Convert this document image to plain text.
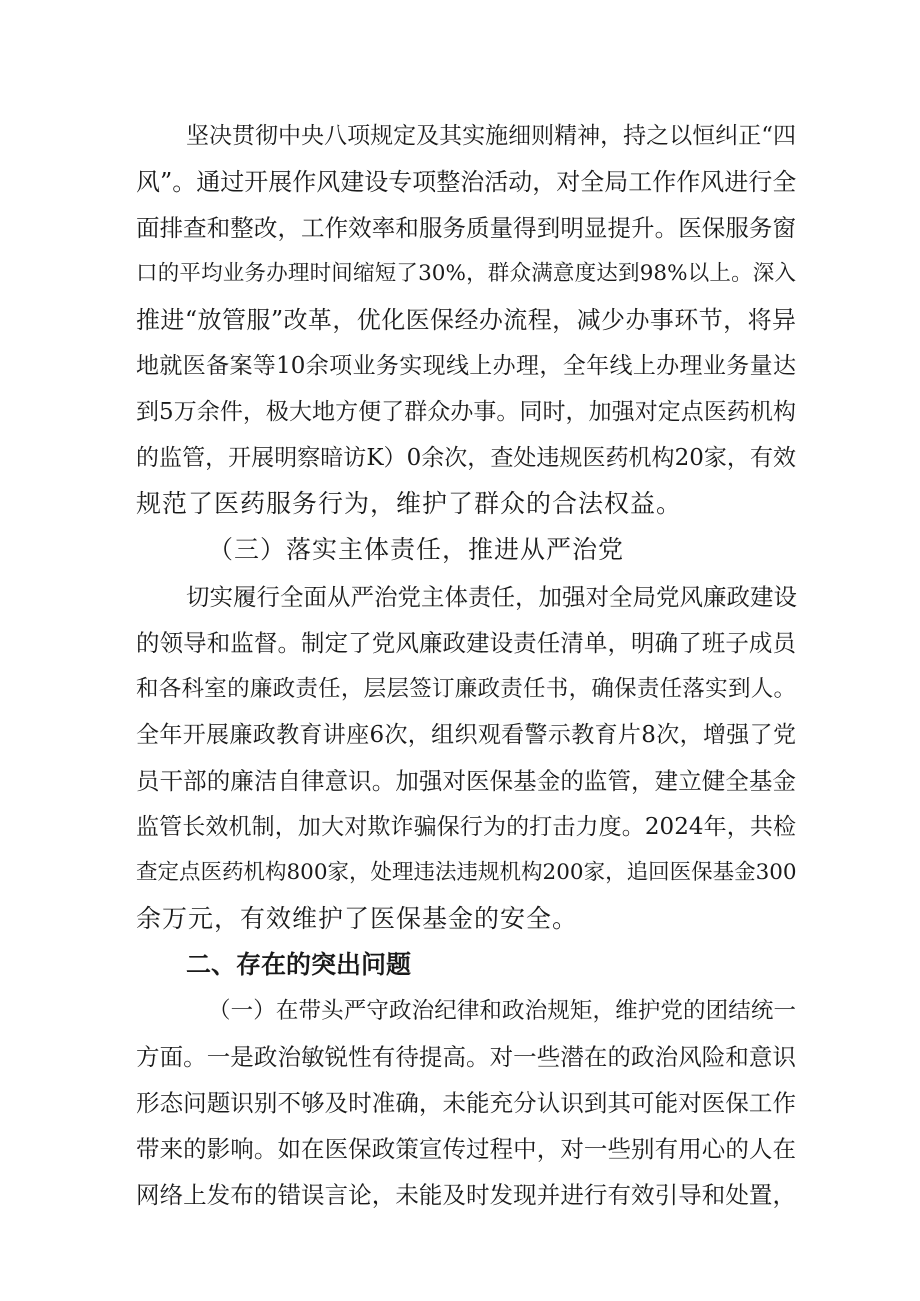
坚决贯彻中央八项规定及其实施细则精神，持之以恒纠正“四
风”。通过开展作风建设专项整治活动，对全局工作作风进行全
面排查和整改，工作效率和服务质量得到明显提升。医保服务窗
口的平均业务办理时间缩短了30%，群众满意度达到98%以上。深入
推进“放管服”改革，优化医保经办流程，减少办事环节，将异
地就医备案等10余项业务实现线上办理，全年线上办理业务量达
到5万余件，极大地方便了群众办事。同时，加强对定点医药机构
的监管，开展明察暗访K）0余次，查处违规医药机构20家，有效
规范了医药服务行为，维护了群众的合法权益。
（三）落实主体责任，推进从严治党
切实履行全面从严治党主体责任，加强对全局党风廉政建设
的领导和监督。制定了党风廉政建设责任清单，明确了班子成员
和各科室的廉政责任，层层签订廉政责任书，确保责任落实到人。
全年开展廉政教育讲座6次，组织观看警示教育片8次，增强了党
员干部的廉洁自律意识。加强对医保基金的监管，建立健全基金
监管长效机制，加大对欺诈骗保行为的打击力度。2024年，共检
查定点医药机构800家，处理违法违规机构200家，追回医保基金300
余万元，有效维护了医保基金的安全。
二、存在的突出问题
（一）在带头严守政治纪律和政治规矩，维护党的团结统一
方面。一是政治敏锐性有待提高。对一些潜在的政治风险和意识
形态问题识别不够及时准确，未能充分认识到其可能对医保工作
带来的影响。如在医保政策宣传过程中，对一些别有用心的人在
网络上发布的错误言论，未能及时发现并进行有效引导和处置，
